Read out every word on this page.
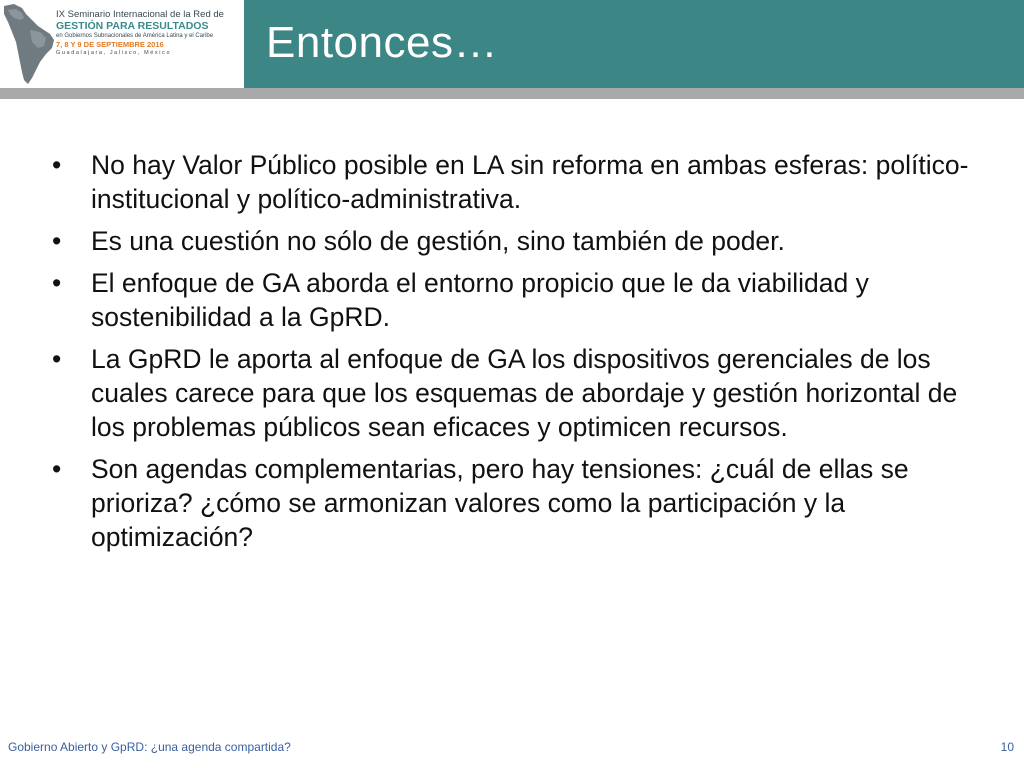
IX Seminario Internacional de la Red de
GESTIÓN PARA RESULTADOS
en Gobiernos Subnacionales de América Latina y el Caribe
7, 8 Y 9 DE SEPTIEMBRE 2016
Guadalajara, Jalisco, México	Entonces…
• No hay Valor Público posible en LA sin reforma en ambas esferas: político-institucional y político-administrativa.
• Es una cuestión no sólo de gestión, sino también de poder.
• El enfoque de GA aborda el entorno propicio que le da viabilidad y sostenibilidad a la GpRD.
• La GpRD le aporta al enfoque de GA los dispositivos gerenciales de los cuales carece para que los esquemas de abordaje y gestión horizontal de los problemas públicos sean eficaces y optimicen recursos.
• Son agendas complementarias, pero hay tensiones: ¿cuál de ellas se prioriza? ¿cómo se armonizan valores como la participación y la optimización?
Gobierno Abierto y GpRD: ¿una agenda compartida?	10
